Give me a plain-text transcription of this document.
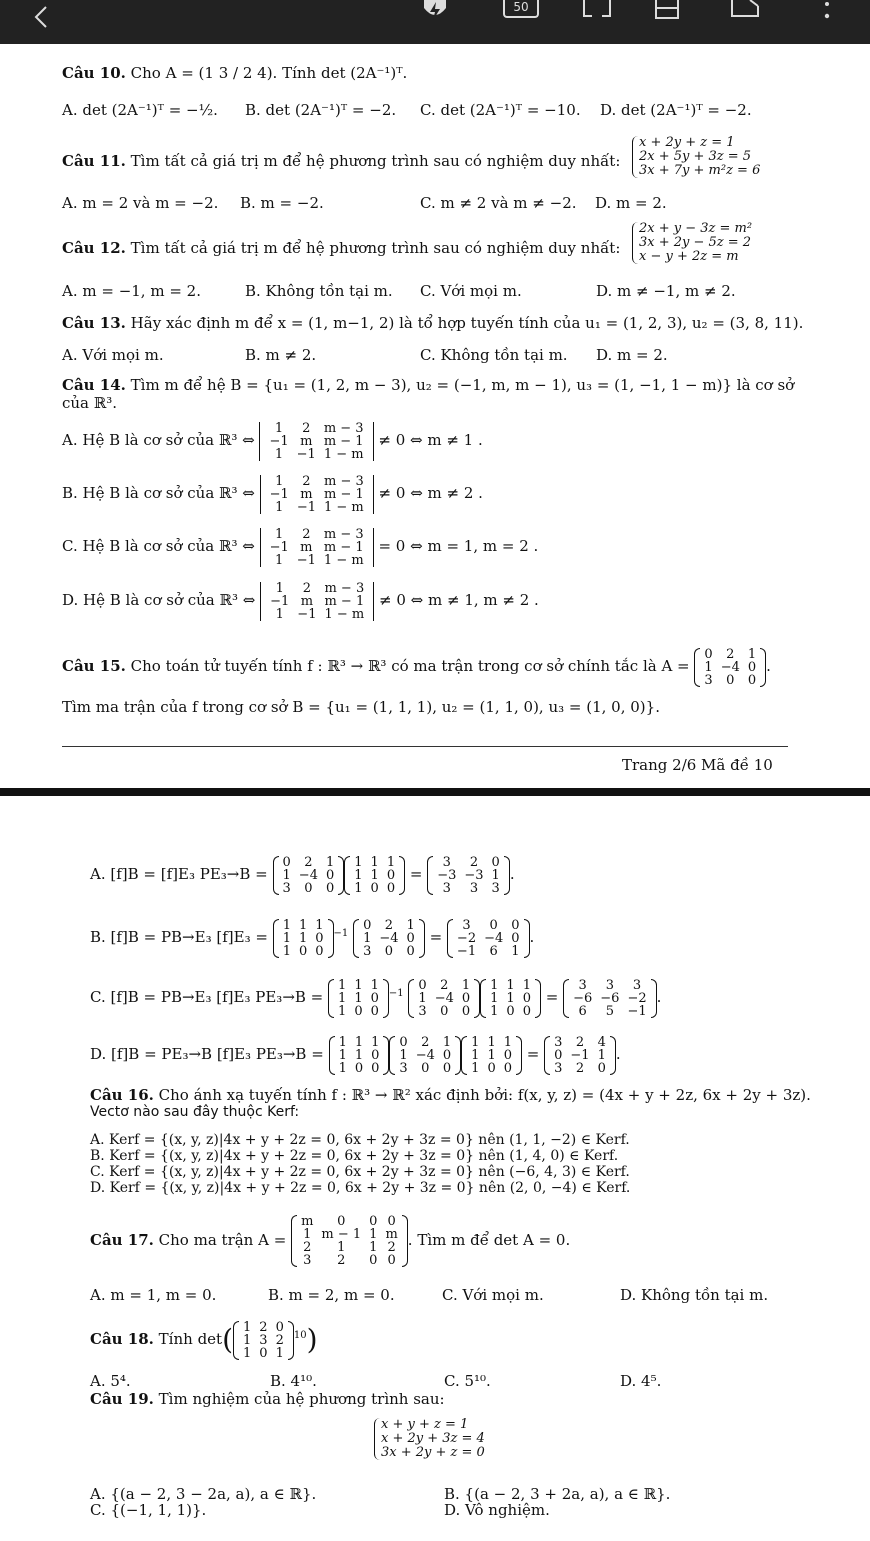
50
Câu 10. Cho A = (1 3 / 2 4). Tính det (2A⁻¹)ᵀ.
A. det (2A⁻¹)ᵀ = −½. B. det (2A⁻¹)ᵀ = −2. C. det (2A⁻¹)ᵀ = −10. D. det (2A⁻¹)ᵀ = −2.
Câu 11. Tìm tất cả giá trị m để hệ phương trình sau có nghiệm duy nhất:
x + 2y + z = 1
2x + 5y + 3z = 5
3x + 7y + m²z = 6
A. m = 2 và m = −2. B. m = −2.	C. m ≠ 2 và m ≠ −2. D. m = 2.
Câu 12. Tìm tất cả giá trị m để hệ phương trình sau có nghiệm duy nhất:
2x + y − 3z = m²
3x + 2y − 5z = 2
x − y + 2z = m
A. m = −1, m = 2.	B. Không tồn tại m. C. Với mọi m.	D. m ≠ −1, m ≠ 2.
Câu 13. Hãy xác định m để x = (1, m−1, 2) là tổ hợp tuyến tính của u₁ = (1, 2, 3), u₂ = (3, 8, 11).
A. Với mọi m.	B. m ≠ 2.	C. Không tồn tại m. D. m = 2.
Câu 14. Tìm m để hệ B = {u₁ = (1, 2, m − 3), u₂ = (−1, m, m − 1), u₃ = (1, −1, 1 − m)} là cơ sở
của ℝ³.
A. Hệ B là cơ sở của ℝ³ ⇔
1	2	m − 3
−1	m	m − 1
1	−1	1 − m
≠ 0 ⇔ m ≠ 1 .
B. Hệ B là cơ sở của ℝ³ ⇔
1	2	m − 3
−1	m	m − 1
1	−1	1 − m
≠ 0 ⇔ m ≠ 2 .
C. Hệ B là cơ sở của ℝ³ ⇔
1	2	m − 3
−1	m	m − 1
1	−1	1 − m
= 0 ⇔ m = 1, m = 2 .
D. Hệ B là cơ sở của ℝ³ ⇔
1	2	m − 3
−1	m	m − 1
1	−1	1 − m
≠ 0 ⇔ m ≠ 1, m ≠ 2 .
Câu 15. Cho toán tử tuyến tính f : ℝ³ → ℝ³ có ma trận trong cơ sở chính tắc là A =
0	2	1
1	−4	0
3	0	0
.
Tìm ma trận của f trong cơ sở B = {u₁ = (1, 1, 1), u₂ = (1, 1, 0), u₃ = (1, 0, 0)}.
Trang 2/6 Mã đề 10
A. [f]B = [f]E₃ PE₃→B =
0	2	1
1	−4	0
3	0	0
1	1	1
1	1	0
1	0	0
=
3	2	0
−3	−3	1
3	3	3
.
B. [f]B = PB→E₃ [f]E₃ =
1	1	1
1	1	0
1	0	0
$^{-1}$
0	2	1
1	−4	0
3	0	0
=
3	0	0
−2	−4	0
−1	6	1
.
C. [f]B = PB→E₃ [f]E₃ PE₃→B =
1	1	1
1	1	0
1	0	0
$^{-1}$
0	2	1
1	−4	0
3	0	0
1	1	1
1	1	0
1	0	0
=
3	3	3
−6	−6	−2
6	5	−1
.
D. [f]B = PE₃→B [f]E₃ PE₃→B =
1	1	1
1	1	0
1	0	0
0	2	1
1	−4	0
3	0	0
1	1	1
1	1	0
1	0	0
=
3	2	4
0	−1	1
3	2	0
.
Câu 16. Cho ánh xạ tuyến tính f : ℝ³ → ℝ² xác định bởi: f(x, y, z) = (4x + y + 2z, 6x + 2y + 3z).
Vectơ nào sau đây thuộc Kerf:
A. Kerf = {(x, y, z)|4x + y + 2z = 0, 6x + 2y + 3z = 0} nên (1, 1, −2) ∈ Kerf.
B. Kerf = {(x, y, z)|4x + y + 2z = 0, 6x + 2y + 3z = 0} nên (1, 4, 0) ∈ Kerf.
C. Kerf = {(x, y, z)|4x + y + 2z = 0, 6x + 2y + 3z = 0} nên (−6, 4, 3) ∈ Kerf.
D. Kerf = {(x, y, z)|4x + y + 2z = 0, 6x + 2y + 3z = 0} nên (2, 0, −4) ∈ Kerf.
Câu 17. Cho ma trận A =
m	0	0	0
1	m − 1	1	m
2	1	1	2
3	2	0	0
. Tìm m để det A = 0.
A. m = 1, m = 0.	B. m = 2, m = 0.	C. Với mọi m.	D. Không tồn tại m.
Câu 18. Tính det( 1	2	0
1	3	2
1	0	1
$^{10}$)
A. 5⁴.	B. 4¹⁰.	C. 5¹⁰.	D. 4⁵.
Câu 19. Tìm nghiệm của hệ phương trình sau:
x + y + z = 1
x + 2y + 3z = 4
3x + 2y + z = 0
A. {(a − 2, 3 − 2a, a), a ∈ ℝ}.	B. {(a − 2, 3 + 2a, a), a ∈ ℝ}.
C. {(−1, 1, 1)}.	D. Vô nghiệm.
